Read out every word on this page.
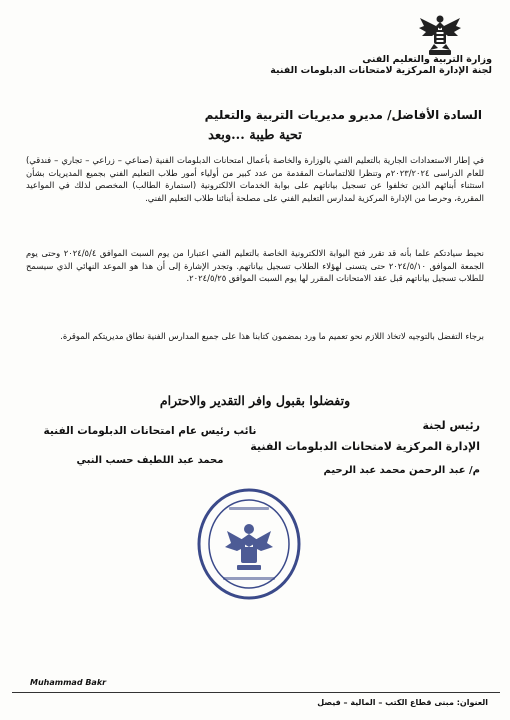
وزارة التربية والتعليم الفنى
لجنة الإدارة المركزية لامتحانات الدبلومات الفنية
السادة الأفاضل/ مديرو مديريات التربية والتعليم
تحية طيبة ...وبعد
في إطار الاستعدادات الجارية بالتعليم الفني بالوزارة والخاصة بأعمال امتحانات الدبلومات الفنية (صناعي – زراعي – تجاري – فندقي) للعام الدراسى ٢٠٢٣/٢٠٢٤م وتنظرا للالتماسات المقدمة من عدد كبير من أولياء أمور طلاب التعليم الفني بجميع المديريات بشأن استثناء أبنائهم الذين تخلفوا عن تسجيل بياناتهم على بوابة الخدمات الالكترونية (استمارة الطالب) المخصص لذلك في المواعيد المقررة، وحرصا من الإدارة المركزية لمدارس التعليم الفني على مصلحة أبنائنا طلاب التعليم الفني.
نحيط سيادتكم علما بأنه قد تقرر فتح البوابة الالكترونية الخاصة بالتعليم الفني اعتبارا من يوم السبت الموافق ٢٠٢٤/٥/٤ وحتى يوم الجمعة الموافق ٢٠٢٤/٥/١٠ حتى يتسنى لهؤلاء الطلاب تسجيل بياناتهم. وتجدر الإشارة إلى أن هذا هو الموعد النهائي الذي سيسمح للطلاب تسجيل بياناتهم قبل عقد الامتحانات المقرر لها يوم السبت الموافق ٢٠٢٤/٥/٢٥.
برجاء التفضل بالتوجيه لاتخاذ اللازم نحو تعميم ما ورد بمضمون كتابنا هذا على جميع المدارس الفنية نطاق مديريتكم الموقرة.
وتفضلوا بقبول وافر التقدير والاحترام
رئيس لجنة
الإدارة المركزية لامتحانات الدبلومات الفنية
م/ عبد الرحمن محمد عبد الرحيم
نائب رئيس عام امتحانات الدبلومات الفنية
محمد عبد اللطيف حسب النبي
Muhammad Bakr
العنوان: مبنى قطاع الكتب – المالية – فيصل
